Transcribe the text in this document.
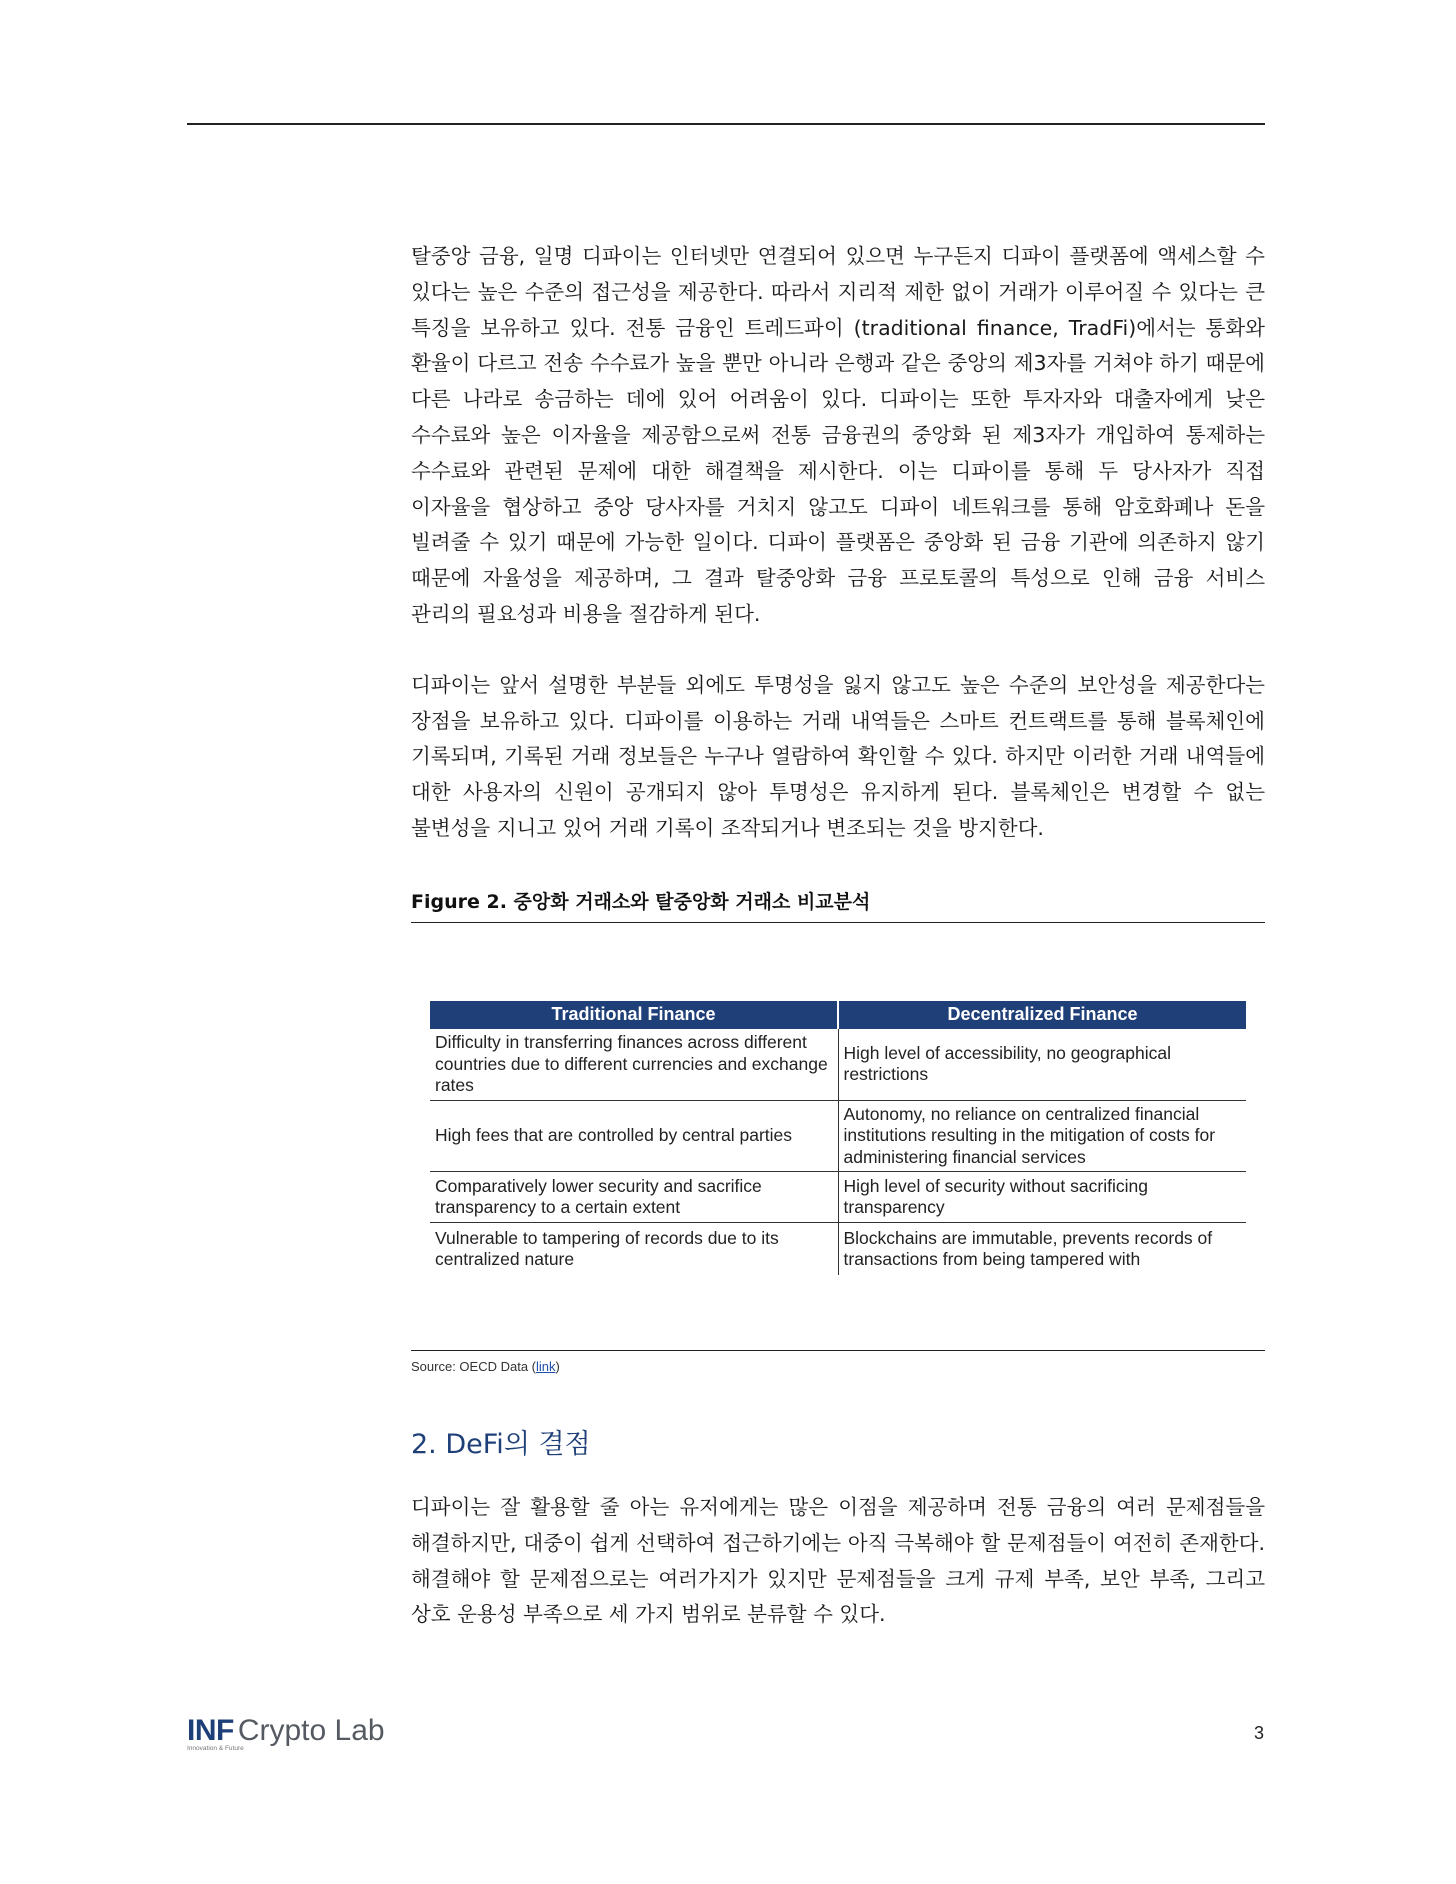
탈중앙 금융, 일명 디파이는 인터넷만 연결되어 있으면 누구든지 디파이 플랫폼에 액세스할 수 있다는 높은 수준의 접근성을 제공한다. 따라서 지리적 제한 없이 거래가 이루어질 수 있다는 큰 특징을 보유하고 있다. 전통 금융인 트레드파이 (traditional finance, TradFi)에서는 통화와 환율이 다르고 전송 수수료가 높을 뿐만 아니라 은행과 같은 중앙의 제3자를 거쳐야 하기 때문에 다른 나라로 송금하는 데에 있어 어려움이 있다. 디파이는 또한 투자자와 대출자에게 낮은 수수료와 높은 이자율을 제공함으로써 전통 금융권의 중앙화 된 제3자가 개입하여 통제하는 수수료와 관련된 문제에 대한 해결책을 제시한다. 이는 디파이를 통해 두 당사자가 직접 이자율을 협상하고 중앙 당사자를 거치지 않고도 디파이 네트워크를 통해 암호화폐나 돈을 빌려줄 수 있기 때문에 가능한 일이다. 디파이 플랫폼은 중앙화 된 금융 기관에 의존하지 않기 때문에 자율성을 제공하며, 그 결과 탈중앙화 금융 프로토콜의 특성으로 인해 금융 서비스 관리의 필요성과 비용을 절감하게 된다.

디파이는 앞서 설명한 부분들 외에도 투명성을 잃지 않고도 높은 수준의 보안성을 제공한다는 장점을 보유하고 있다. 디파이를 이용하는 거래 내역들은 스마트 컨트랙트를 통해 블록체인에 기록되며, 기록된 거래 정보들은 누구나 열람하여 확인할 수 있다. 하지만 이러한 거래 내역들에 대한 사용자의 신원이 공개되지 않아 투명성은 유지하게 된다. 블록체인은 변경할 수 없는 불변성을 지니고 있어 거래 기록이 조작되거나 변조되는 것을 방지한다.

Figure 2. 중앙화 거래소와 탈중앙화 거래소 비교분석
Traditional Finance	Decentralized Finance
Difficulty in transferring finances across different countries due to different currencies and exchange rates	High level of accessibility, no geographical restrictions
High fees that are controlled by central parties	Autonomy, no reliance on centralized financial institutions resulting in the mitigation of costs for administering financial services
Comparatively lower security and sacrifice transparency to a certain extent	High level of security without sacrificing transparency
Vulnerable to tampering of records due to its centralized nature	Blockchains are immutable, prevents records of transactions from being tampered with
Source: OECD Data (link)
2. DeFi의 결점

디파이는 잘 활용할 줄 아는 유저에게는 많은 이점을 제공하며 전통 금융의 여러 문제점들을 해결하지만, 대중이 쉽게 선택하여 접근하기에는 아직 극복해야 할 문제점들이 여전히 존재한다. 해결해야 할 문제점으로는 여러가지가 있지만 문제점들을 크게 규제 부족, 보안 부족, 그리고 상호 운용성 부족으로 세 가지 범위로 분류할 수 있다.

INF Crypto Lab
Innovation & Future
3
